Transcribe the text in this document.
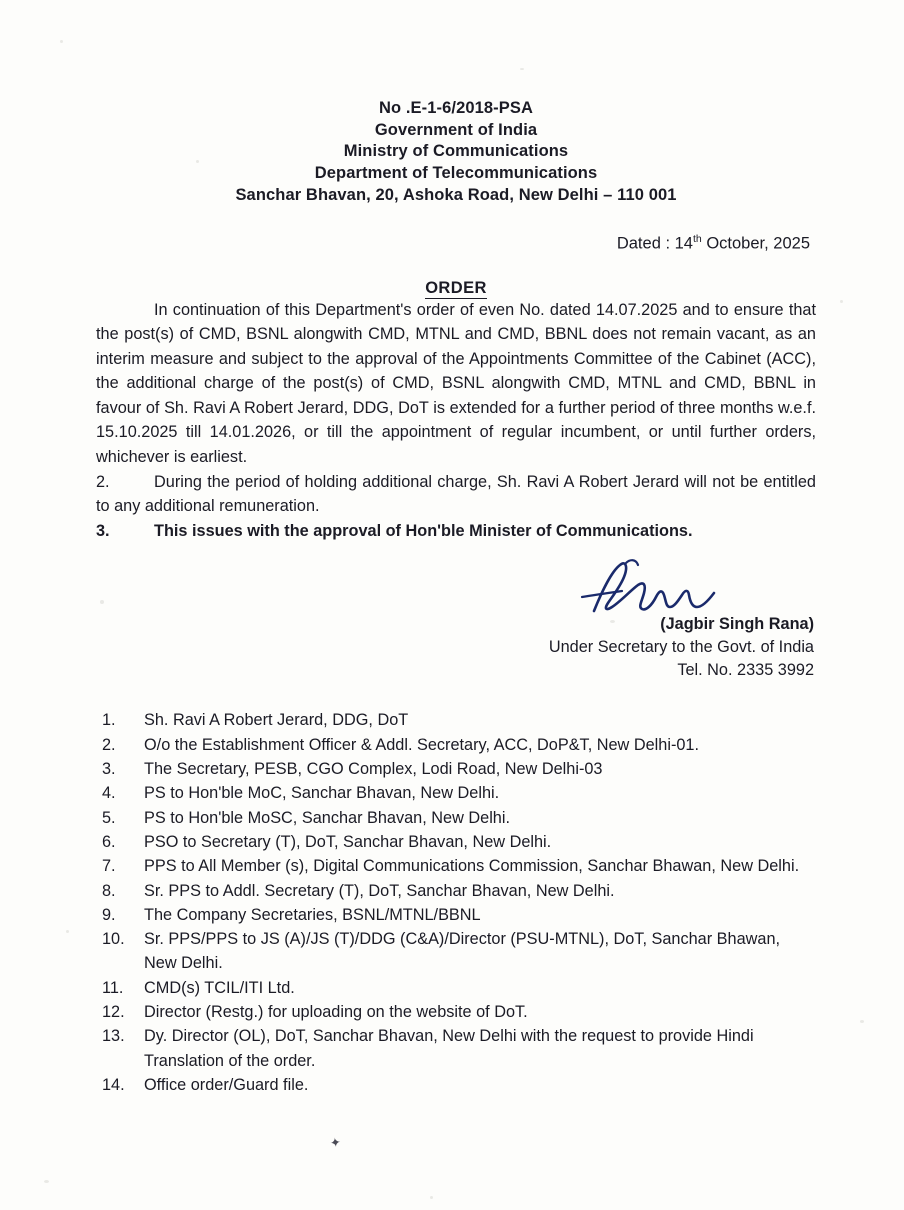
No .E-1-6/2018-PSA
Government of India
Ministry of Communications
Department of Telecommunications
Sanchar Bhavan, 20, Ashoka Road, New Delhi – 110 001
Dated : 14th October, 2025
ORDER

In continuation of this Department's order of even No. dated 14.07.2025 and to ensure that the post(s) of CMD, BSNL alongwith CMD, MTNL and CMD, BBNL does not remain vacant, as an interim measure and subject to the approval of the Appointments Committee of the Cabinet (ACC), the additional charge of the post(s) of CMD, BSNL alongwith CMD, MTNL and CMD, BBNL in favour of Sh. Ravi A Robert Jerard, DDG, DoT is extended for a further period of three months w.e.f. 15.10.2025 till 14.01.2026, or till the appointment of regular incumbent, or until further orders, whichever is earliest.

2.	During the period of holding additional charge, Sh. Ravi A Robert Jerard will not be entitled to any additional remuneration.

3.	This issues with the approval of Hon'ble Minister of Communications.

(Jagbir Singh Rana)
Under Secretary to the Govt. of India
Tel. No. 2335 3992
1.	Sh. Ravi A Robert Jerard, DDG, DoT
2.	O/o the Establishment Officer & Addl. Secretary, ACC, DoP&T, New Delhi-01.
3.	The Secretary, PESB, CGO Complex, Lodi Road, New Delhi-03
4.	PS to Hon'ble MoC, Sanchar Bhavan, New Delhi.
5.	PS to Hon'ble MoSC, Sanchar Bhavan, New Delhi.
6.	PSO to Secretary (T), DoT, Sanchar Bhavan, New Delhi.
7.	PPS to All Member (s), Digital Communications Commission, Sanchar Bhawan, New Delhi.
8.	Sr. PPS to Addl. Secretary (T), DoT, Sanchar Bhavan, New Delhi.
9.	The Company Secretaries, BSNL/MTNL/BBNL
10.	Sr. PPS/PPS to JS (A)/JS (T)/DDG (C&A)/Director (PSU-MTNL), DoT, Sanchar Bhawan, New Delhi.
11.	CMD(s) TCIL/ITI Ltd.
12.	Director (Restg.) for uploading on the website of DoT.
13.	Dy. Director (OL), DoT, Sanchar Bhavan, New Delhi with the request to provide Hindi Translation of the order.
14.	Office order/Guard file.
✦
